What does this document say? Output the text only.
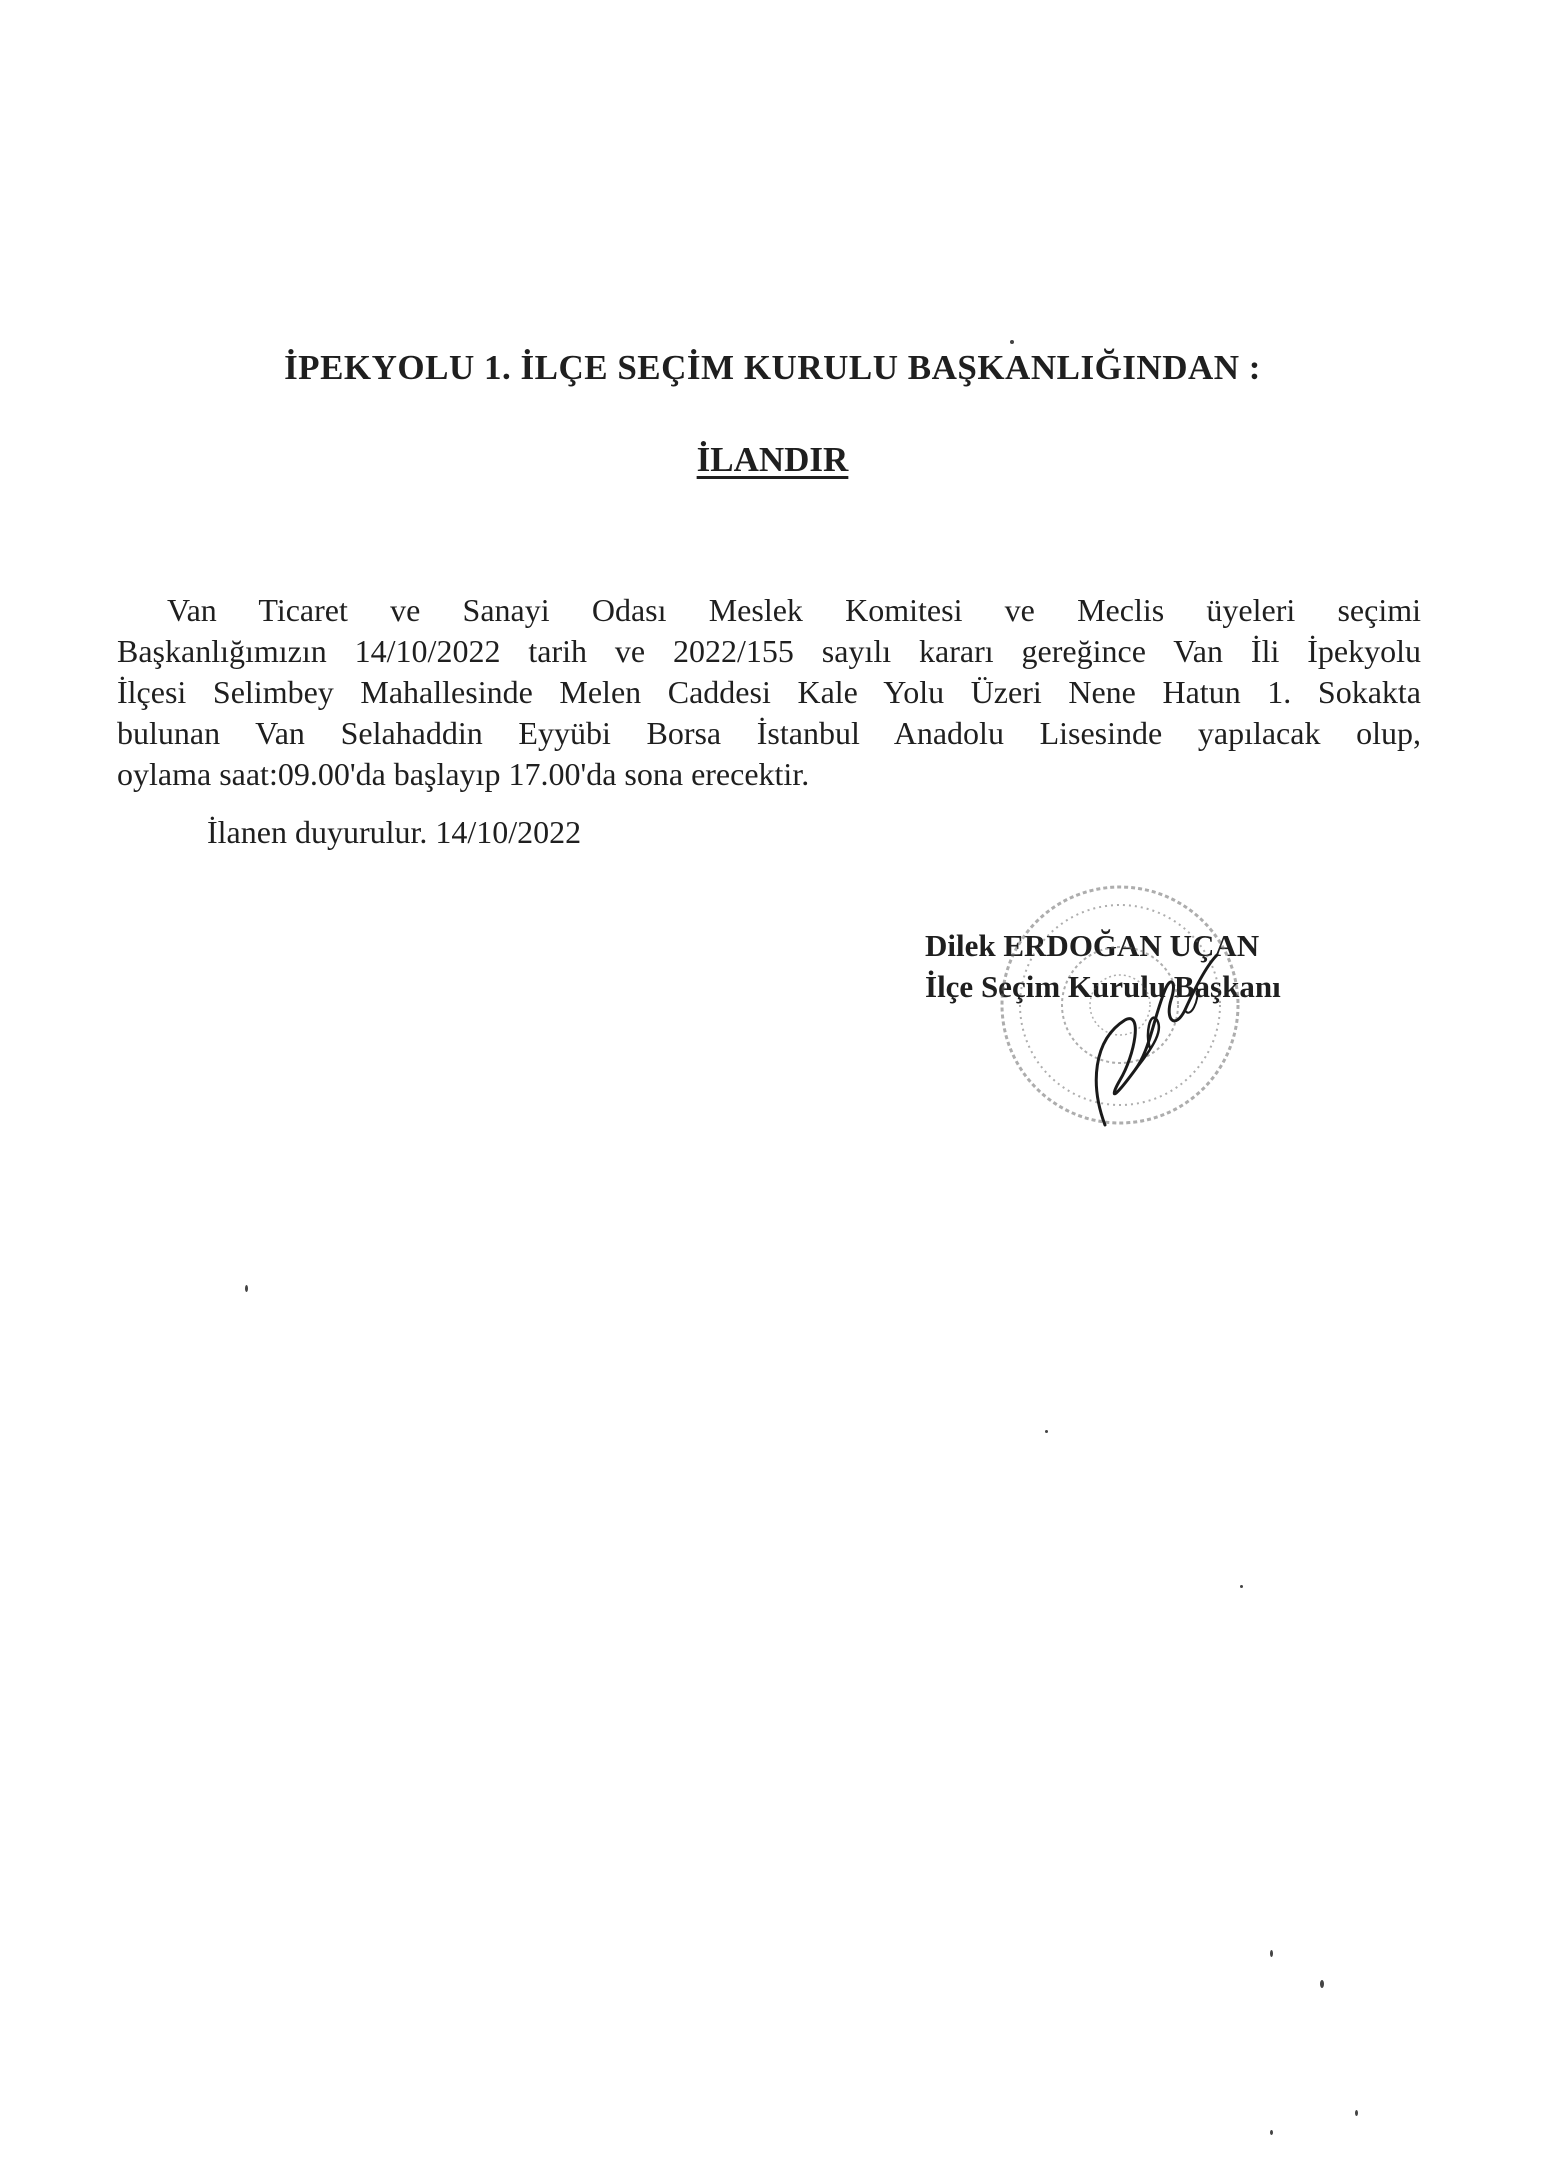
İPEKYOLU 1. İLÇE SEÇİM KURULU BAŞKANLIĞINDAN :
İLANDIR
Van Ticaret ve Sanayi Odası Meslek Komitesi ve Meclis üyeleri seçimi
Başkanlığımızın 14/10/2022 tarih ve 2022/155 sayılı kararı gereğince Van İli İpekyolu
İlçesi Selimbey Mahallesinde Melen Caddesi Kale Yolu Üzeri Nene Hatun 1. Sokakta
bulunan Van Selahaddin Eyyübi Borsa İstanbul Anadolu Lisesinde yapılacak olup,
oylama saat:09.00'da başlayıp 17.00'da sona erecektir.
İlanen duyurulur. 14/10/2022
Dilek ERDOĞAN UÇAN
İlçe Seçim Kurulu Başkanı
